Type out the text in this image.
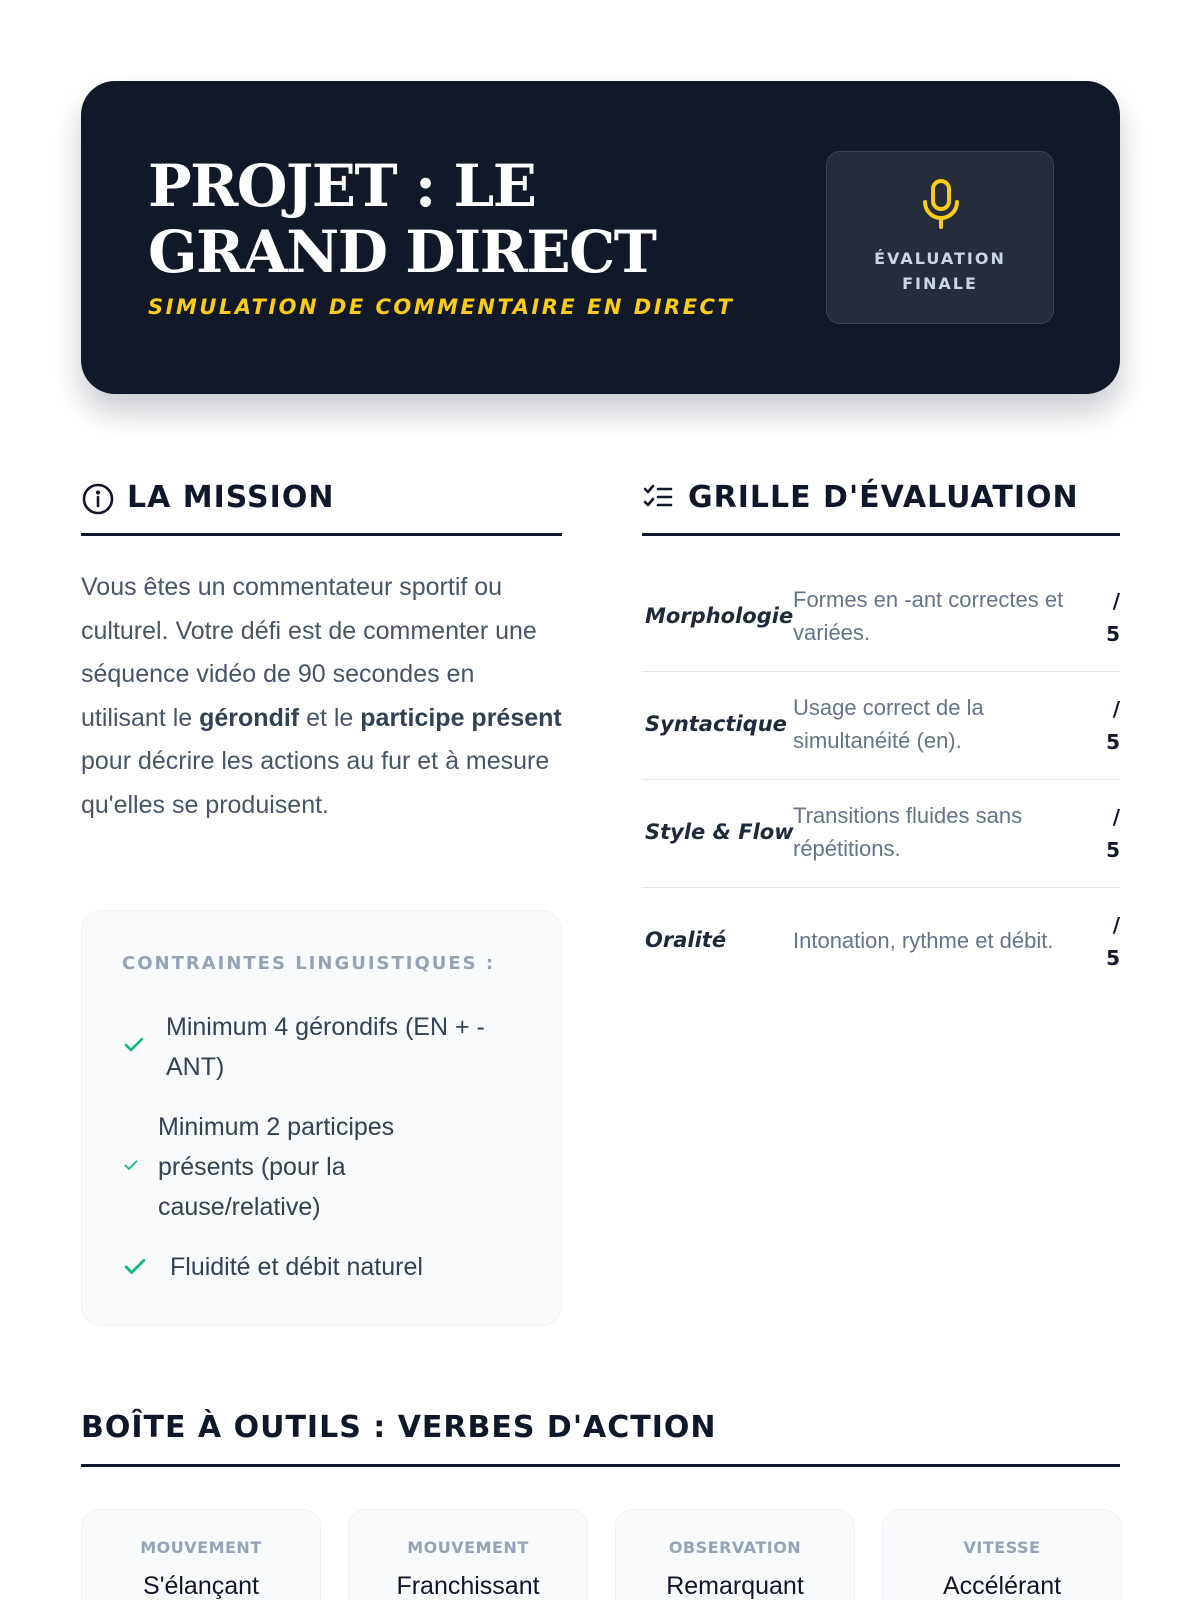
PROJET : LE GRAND DIRECT
SIMULATION DE COMMENTAIRE EN DIRECT
ÉVALUATION
FINALE
LA MISSION
Vous êtes un commentateur sportif ou culturel. Votre défi est de commenter une séquence vidéo de 90 secondes en utilisant le gérondif et le participe présent pour décrire les actions au fur et à mesure qu'elles se produisent.
CONTRAINTES LINGUISTIQUES :
Minimum 4 gérondifs (EN + -ANT)
Minimum 2 participes présents (pour la cause/relative)
Fluidité et débit naturel
GRILLE D'ÉVALUATION
Morphologie
Formes en -ant correctes et variées.
/ 5
Syntactique
Usage correct de la simultanéité (en).
/ 5
Style & Flow
Transitions fluides sans répétitions.
/ 5
Oralité	Intonation, rythme et débit.
/ 5
BOÎTE À OUTILS : VERBES D'ACTION
MOUVEMENT
S'élançant
MOUVEMENT
Franchissant
OBSERVATION
Remarquant
VITESSE
Accélérant
